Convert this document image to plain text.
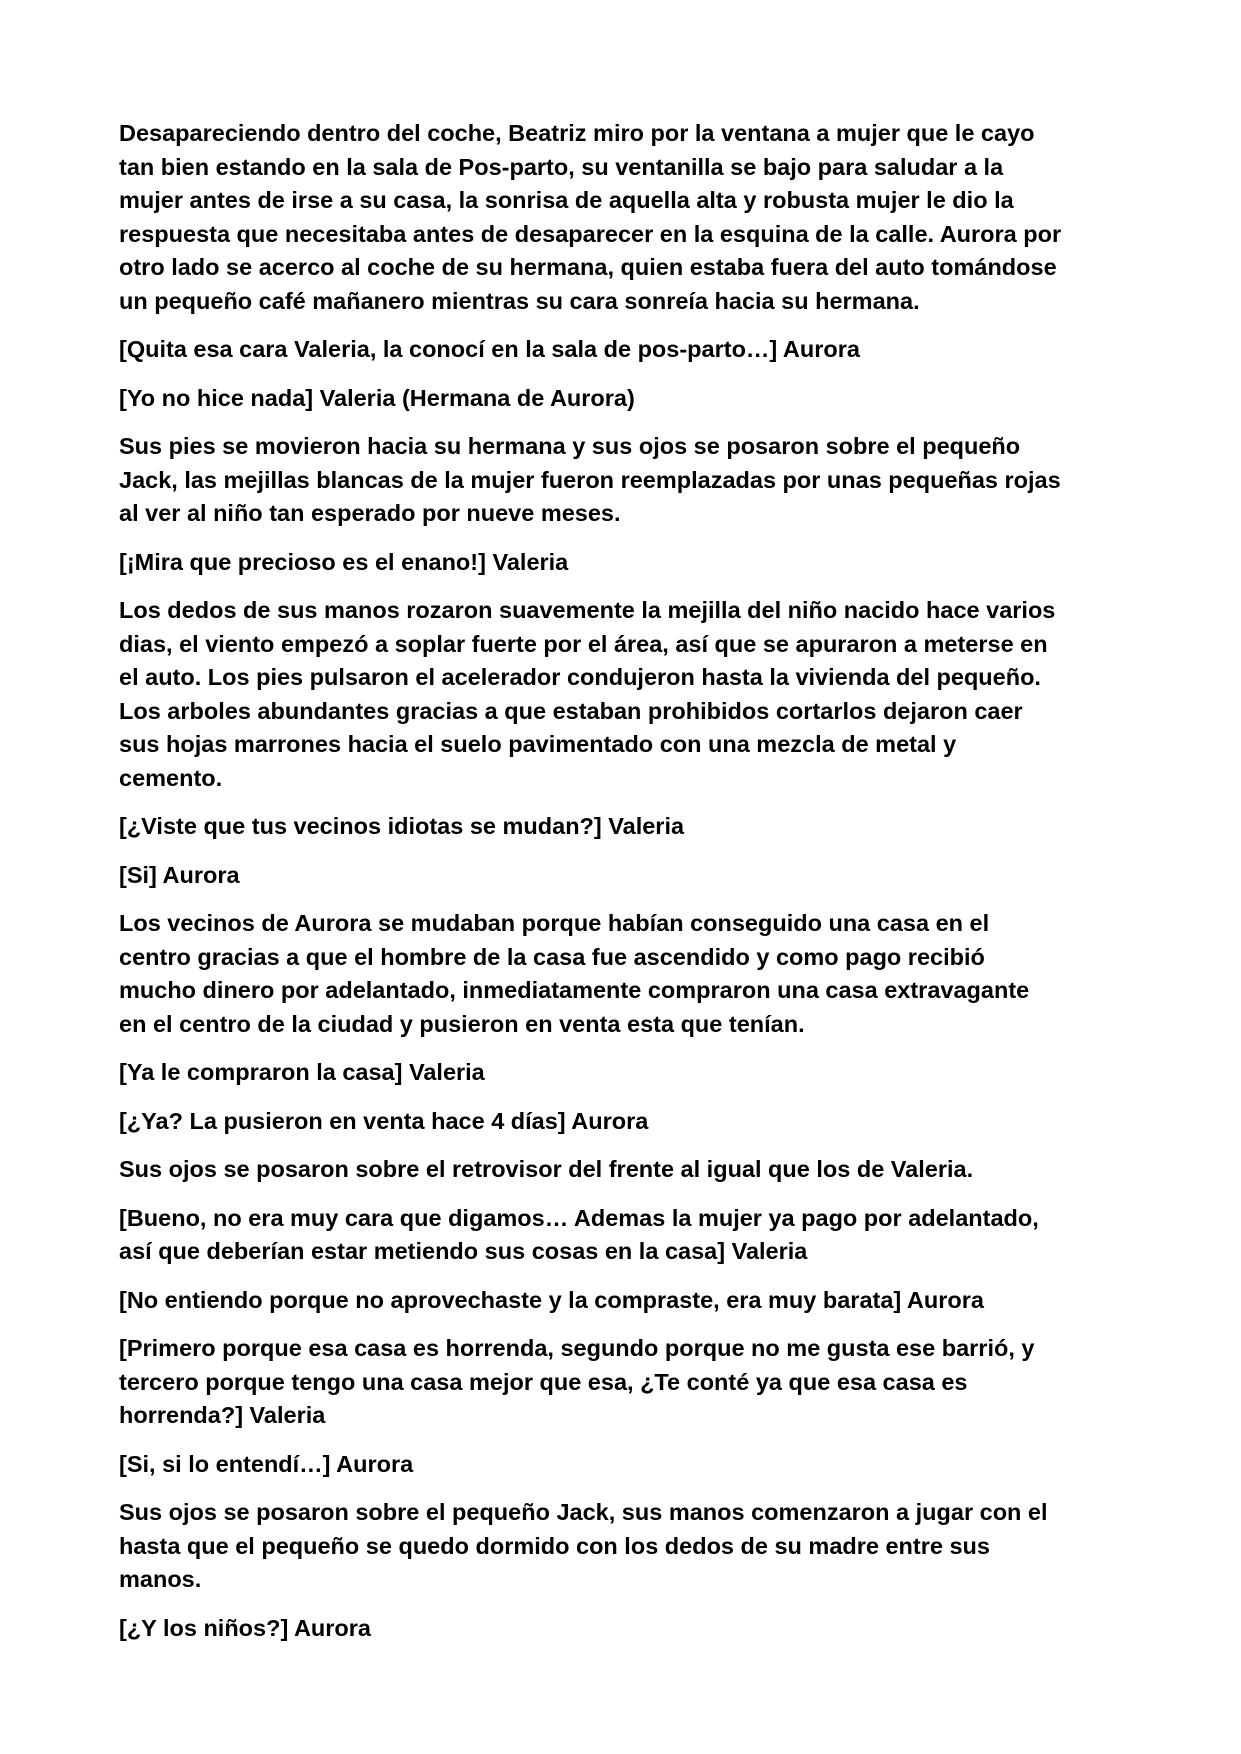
Desapareciendo dentro del coche, Beatriz miro por la ventana a mujer que le cayo
tan bien estando en la sala de Pos-parto, su ventanilla se bajo para saludar a la
mujer antes de irse a su casa, la sonrisa de aquella alta y robusta mujer le dio la
respuesta que necesitaba antes de desaparecer en la esquina de la calle. Aurora por
otro lado se acerco al coche de su hermana, quien estaba fuera del auto tomándose
un pequeño café mañanero mientras su cara sonreía hacia su hermana.

[Quita esa cara Valeria, la conocí en la sala de pos-parto…] Aurora

[Yo no hice nada] Valeria (Hermana de Aurora)

Sus pies se movieron hacia su hermana y sus ojos se posaron sobre el pequeño
Jack, las mejillas blancas de la mujer fueron reemplazadas por unas pequeñas rojas
al ver al niño tan esperado por nueve meses.

[¡Mira que precioso es el enano!] Valeria

Los dedos de sus manos rozaron suavemente la mejilla del niño nacido hace varios
dias, el viento empezó a soplar fuerte por el área, así que se apuraron a meterse en
el auto. Los pies pulsaron el acelerador condujeron hasta la vivienda del pequeño.
Los arboles abundantes gracias a que estaban prohibidos cortarlos dejaron caer
sus hojas marrones hacia el suelo pavimentado con una mezcla de metal y
cemento.

[¿Viste que tus vecinos idiotas se mudan?] Valeria

[Si] Aurora

Los vecinos de Aurora se mudaban porque habían conseguido una casa en el
centro gracias a que el hombre de la casa fue ascendido y como pago recibió
mucho dinero por adelantado, inmediatamente compraron una casa extravagante
en el centro de la ciudad y pusieron en venta esta que tenían.

[Ya le compraron la casa] Valeria

[¿Ya? La pusieron en venta hace 4 días] Aurora

Sus ojos se posaron sobre el retrovisor del frente al igual que los de Valeria.

[Bueno, no era muy cara que digamos… Ademas la mujer ya pago por adelantado,
así que deberían estar metiendo sus cosas en la casa] Valeria

[No entiendo porque no aprovechaste y la compraste, era muy barata] Aurora

[Primero porque esa casa es horrenda, segundo porque no me gusta ese barrió, y
tercero porque tengo una casa mejor que esa, ¿Te conté ya que esa casa es
horrenda?] Valeria

[Si, si lo entendí…] Aurora

Sus ojos se posaron sobre el pequeño Jack, sus manos comenzaron a jugar con el
hasta que el pequeño se quedo dormido con los dedos de su madre entre sus
manos.

[¿Y los niños?] Aurora
